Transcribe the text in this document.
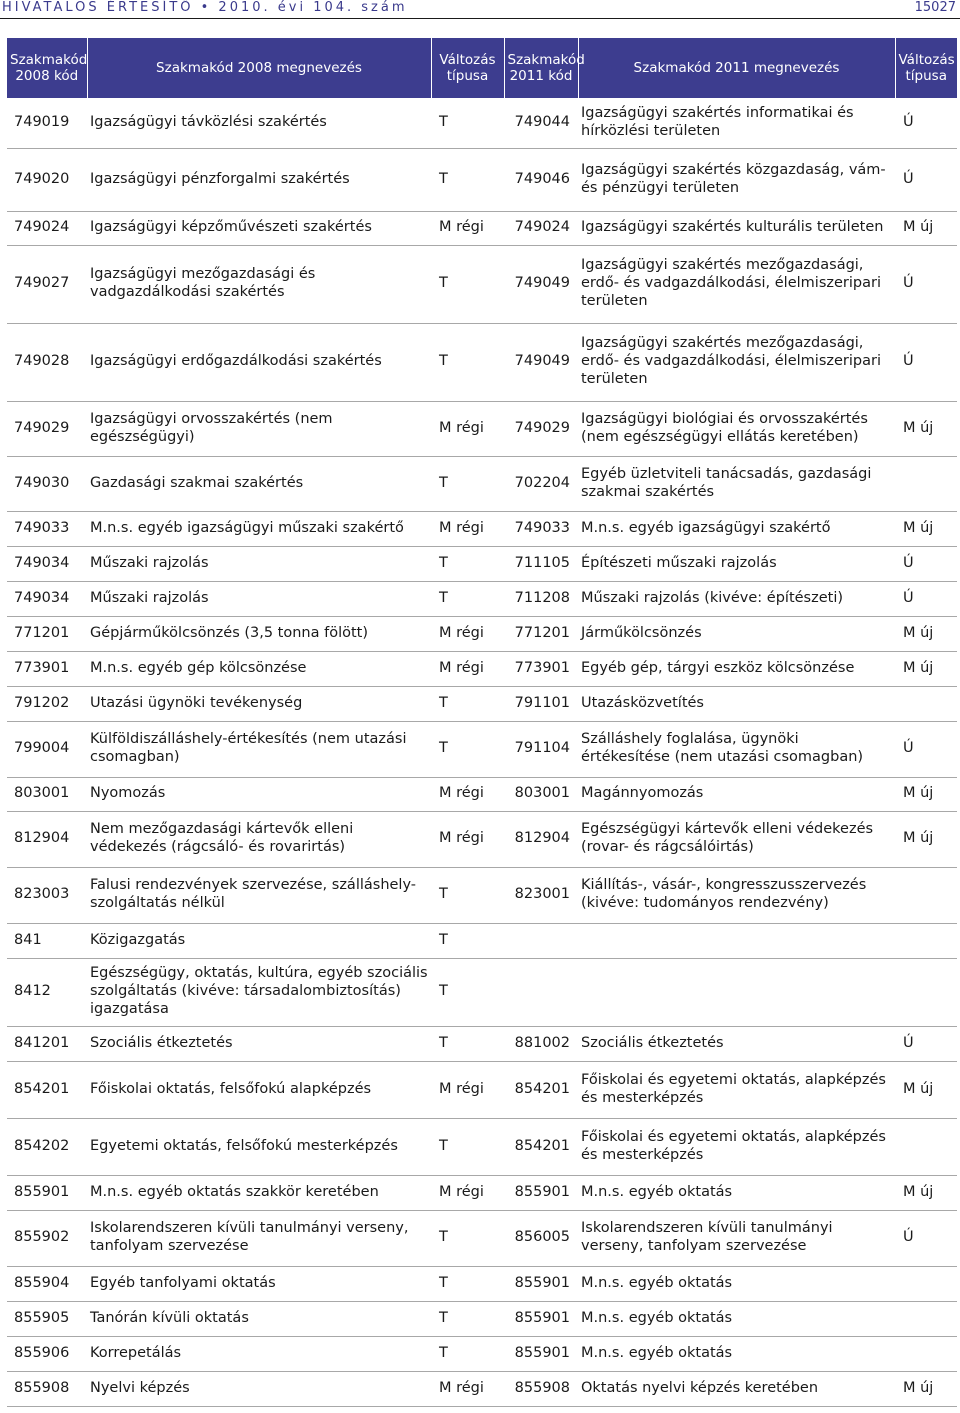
HIVATALOS ÉRTESÍTŐ • 2010. évi 104. szám	15027
Szakmakód 2008 kód	Szakmakód 2008 megnevezés	Változás típusa	Szakmakód 2011 kód	Szakmakód 2011 megnevezés	Változás típusa
749019	Igazságügyi távközlési szakértés	T	749044	Igazságügyi szakértés informatikai és hírközlési területen	Ú
749020	Igazságügyi pénzforgalmi szakértés	T	749046	Igazságügyi szakértés közgazdaság, vám- és pénzügyi területen	Ú
749024	Igazságügyi képzőművészeti szakértés	M régi	749024	Igazságügyi szakértés kulturális területen	M új
749027	Igazságügyi mezőgazdasági és vadgazdálkodási szakértés	T	749049	Igazságügyi szakértés mezőgazdasági, erdő- és vadgazdálkodási, élelmiszeripari területen	Ú
749028	Igazságügyi erdőgazdálkodási szakértés	T	749049	Igazságügyi szakértés mezőgazdasági, erdő- és vadgazdálkodási, élelmiszeripari területen	Ú
749029	Igazságügyi orvosszakértés (nem egészségügyi)	M régi	749029	Igazságügyi biológiai és orvosszakértés (nem egészségügyi ellátás keretében)	M új
749030	Gazdasági szakmai szakértés	T	702204	Egyéb üzletviteli tanácsadás, gazdasági szakmai szakértés	
749033	M.n.s. egyéb igazságügyi műszaki szakértő	M régi	749033	M.n.s. egyéb igazságügyi szakértő	M új
749034	Műszaki rajzolás	T	711105	Építészeti műszaki rajzolás	Ú
749034	Műszaki rajzolás	T	711208	Műszaki rajzolás (kivéve: építészeti)	Ú
771201	Gépjárműkölcsönzés (3,5 tonna fölött)	M régi	771201	Járműkölcsönzés	M új
773901	M.n.s. egyéb gép kölcsönzése	M régi	773901	Egyéb gép, tárgyi eszköz kölcsönzése	M új
791202	Utazási ügynöki tevékenység	T	791101	Utazásközvetítés	
799004	Külföldiszálláshely-értékesítés (nem utazási csomagban)	T	791104	Szálláshely foglalása, ügynöki értékesítése (nem utazási csomagban)	Ú
803001	Nyomozás	M régi	803001	Magánnyomozás	M új
812904	Nem mezőgazdasági kártevők elleni védekezés (rágcsáló- és rovarirtás)	M régi	812904	Egészségügyi kártevők elleni védekezés (rovar- és rágcsálóirtás)	M új
823003	Falusi rendezvények szervezése, szálláshely-szolgáltatás nélkül	T	823001	Kiállítás-, vásár-, kongresszusszervezés (kivéve: tudományos rendezvény)	
841	Közigazgatás	T			
8412	Egészségügy, oktatás, kultúra, egyéb szociális szolgáltatás (kivéve: társadalombiztosítás) igazgatása	T			
841201	Szociális étkeztetés	T	881002	Szociális étkeztetés	Ú
854201	Főiskolai oktatás, felsőfokú alapképzés	M régi	854201	Főiskolai és egyetemi oktatás, alapképzés és mesterképzés	M új
854202	Egyetemi oktatás, felsőfokú mesterképzés	T	854201	Főiskolai és egyetemi oktatás, alapképzés és mesterképzés	
855901	M.n.s. egyéb oktatás szakkör keretében	M régi	855901	M.n.s. egyéb oktatás	M új
855902	Iskolarendszeren kívüli tanulmányi verseny, tanfolyam szervezése	T	856005	Iskolarendszeren kívüli tanulmányi verseny, tanfolyam szervezése	Ú
855904	Egyéb tanfolyami oktatás	T	855901	M.n.s. egyéb oktatás	
855905	Tanórán kívüli oktatás	T	855901	M.n.s. egyéb oktatás	
855906	Korrepetálás	T	855901	M.n.s. egyéb oktatás	
855908	Nyelvi képzés	M régi	855908	Oktatás nyelvi képzés keretében	M új
